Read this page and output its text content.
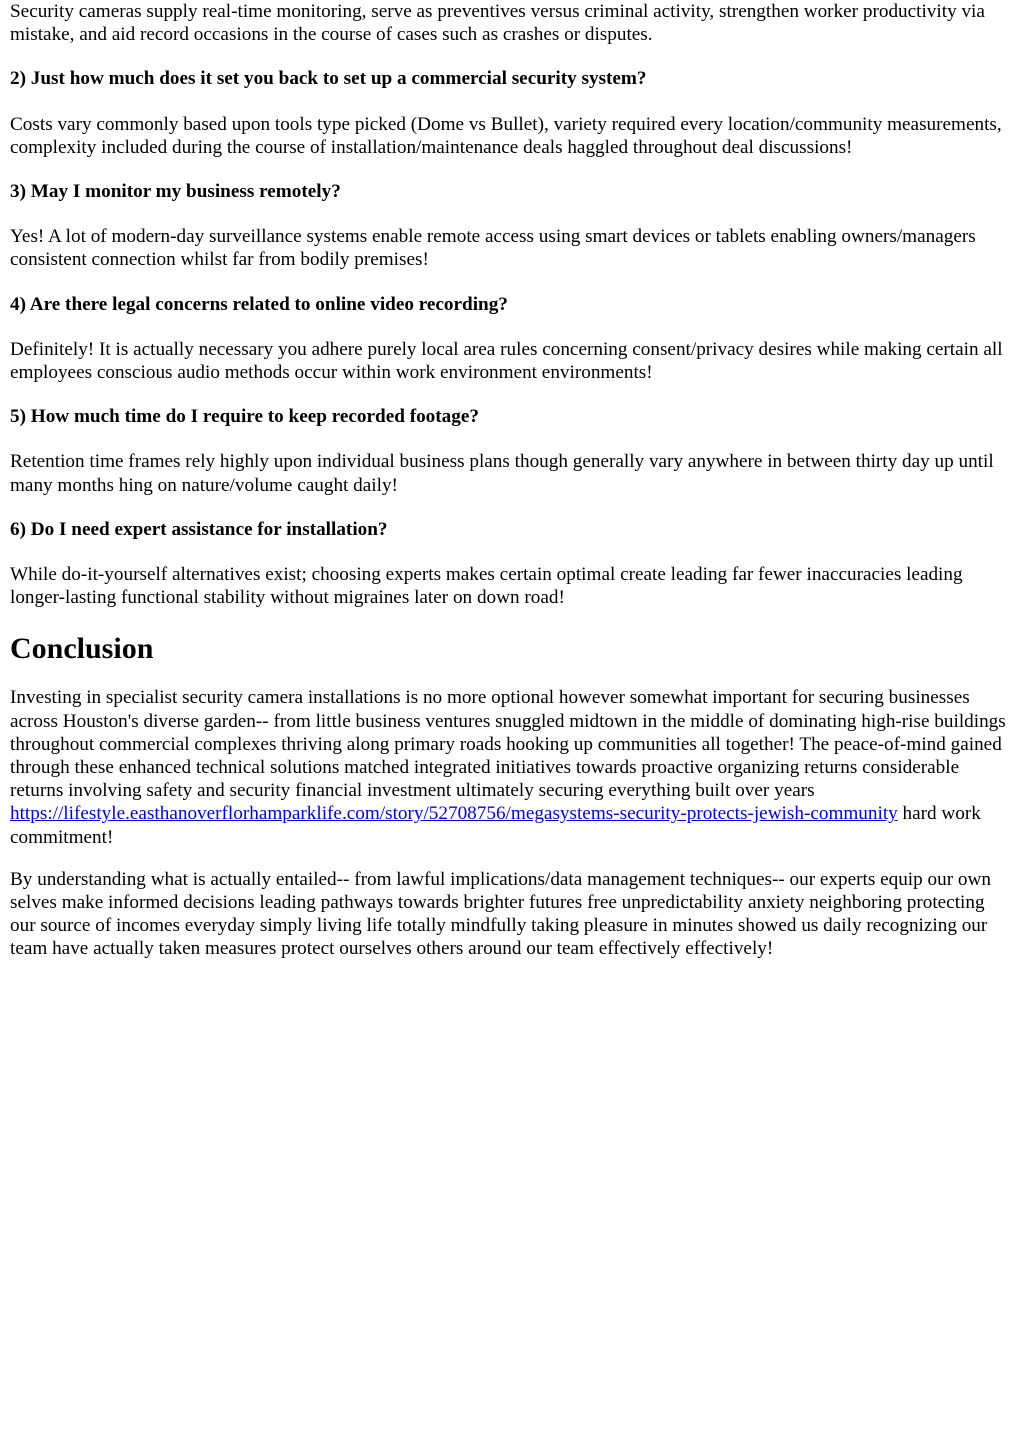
Security cameras supply real-time monitoring, serve as preventives versus criminal activity, strengthen worker productivity via mistake, and aid record occasions in the course of cases such as crashes or disputes.

2) Just how much does it set you back to set up a commercial security system?

Costs vary commonly based upon tools type picked (Dome vs Bullet), variety required every location/community measurements, complexity included during the course of installation/maintenance deals haggled throughout deal discussions!

3) May I monitor my business remotely?

Yes! A lot of modern-day surveillance systems enable remote access using smart devices or tablets enabling owners/managers consistent connection whilst far from bodily premises!

4) Are there legal concerns related to online video recording?

Definitely! It is actually necessary you adhere purely local area rules concerning consent/privacy desires while making certain all employees conscious audio methods occur within work environment environments!

5) How much time do I require to keep recorded footage?

Retention time frames rely highly upon individual business plans though generally vary anywhere in between thirty day up until many months hing on nature/volume caught daily!

6) Do I need expert assistance for installation?

While do-it-yourself alternatives exist; choosing experts makes certain optimal create leading far fewer inaccuracies leading longer-lasting functional stability without migraines later on down road!

Conclusion

Investing in specialist security camera installations is no more optional however somewhat important for securing businesses across Houston's diverse garden-- from little business ventures snuggled midtown in the middle of dominating high-rise buildings throughout commercial complexes thriving along primary roads hooking up communities all together! The peace-of-mind gained through these enhanced technical solutions matched integrated initiatives towards proactive organizing returns considerable returns involving safety and security financial investment ultimately securing everything built over years https://lifestyle.easthanoverflorhamparklife.com/story/52708756/megasystems-security-protects-jewish-community hard work commitment!

By understanding what is actually entailed-- from lawful implications/data management techniques-- our experts equip our own selves make informed decisions leading pathways towards brighter futures free unpredictability anxiety neighboring protecting our source of incomes everyday simply living life totally mindfully taking pleasure in minutes showed us daily recognizing our team have actually taken measures protect ourselves others around our team effectively effectively!
